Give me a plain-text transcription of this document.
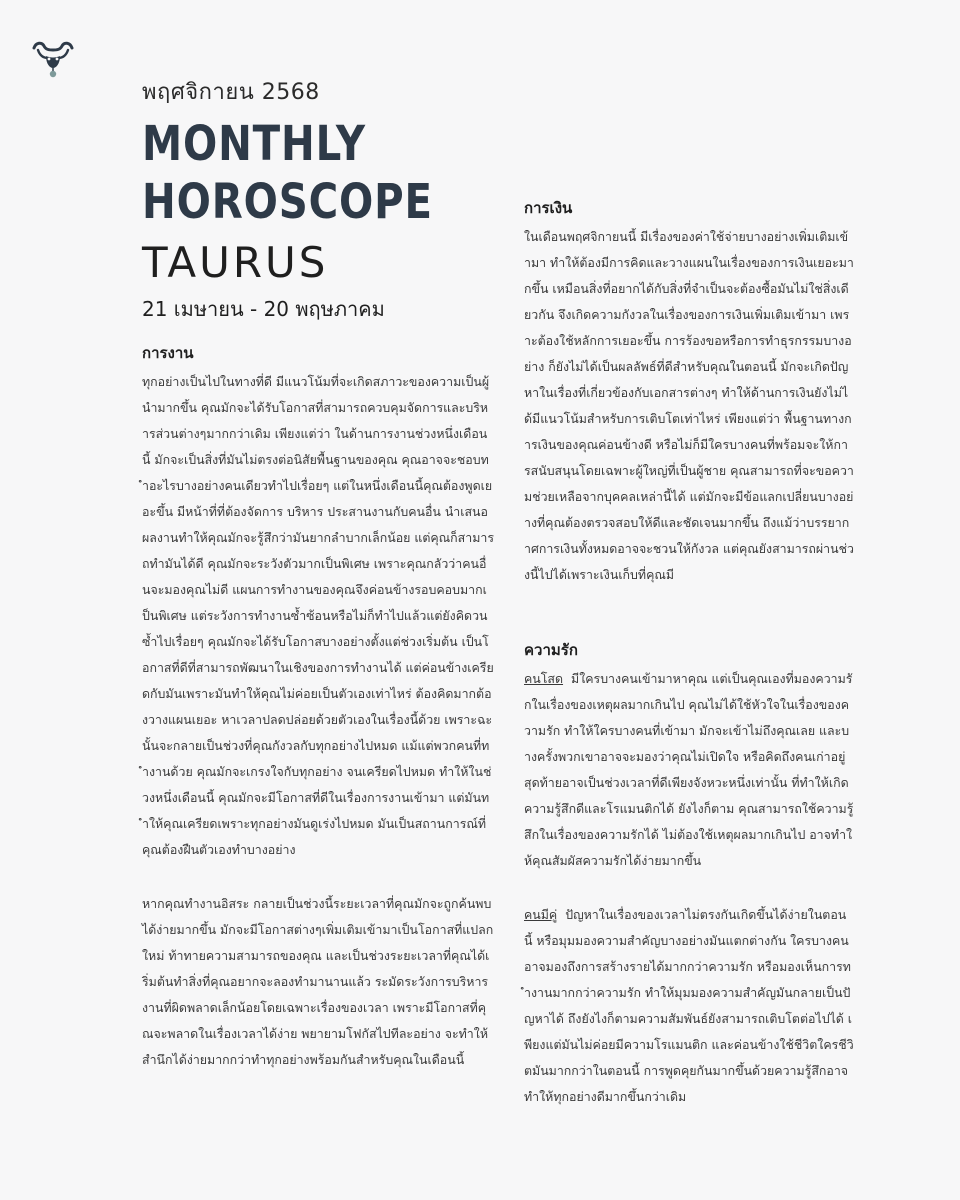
พฤศจิกายน 2568
MONTHLY
HOROSCOPE
TAURUS
21 เมษายน - 20 พฤษภาคม
การงาน

ทุกอย่างเป็นไปในทางที่ดี มีแนวโน้มที่จะเกิดสภาวะของความเป็นผู้นำมากขึ้น คุณมักจะได้รับโอกาสที่สามารถควบคุมจัดการและบริหารส่วนต่างๆมากกว่าเดิม เพียงแต่ว่า ในด้านการงานช่วงหนึ่งเดือนนี้ มักจะเป็นสิ่งที่มันไม่ตรงต่อนิสัยพื้นฐานของคุณ คุณอาจจะชอบทำอะไรบางอย่างคนเดียวทำไปเรื่อยๆ แต่ในหนึ่งเดือนนี้คุณต้องพูดเยอะขึ้น มีหน้าที่ที่ต้องจัดการ บริหาร ประสานงานกับคนอื่น นำเสนอผลงานทำให้คุณมักจะรู้สึกว่ามันยากลำบากเล็กน้อย แต่คุณก็สามารถทำมันได้ดี คุณมักจะระวังตัวมากเป็นพิเศษ เพราะคุณกลัวว่าคนอื่นจะมองคุณไม่ดี แผนการทำงานของคุณจึงค่อนข้างรอบคอบมากเป็นพิเศษ แต่ระวังการทำงานซ้ำซ้อนหรือไม่ก็ทำไปแล้วแต่ยังคิดวนซ้ำไปเรื่อยๆ คุณมักจะได้รับโอกาสบางอย่างตั้งแต่ช่วงเริ่มต้น เป็นโอกาสที่ดีที่สามารถพัฒนาในเชิงของการทำงานได้ แต่ค่อนข้างเครียดกับมันเพราะมันทำให้คุณไม่ค่อยเป็นตัวเองเท่าไหร่ ต้องคิดมากต้องวางแผนเยอะ หาเวลาปลดปล่อยด้วยตัวเองในเรื่องนี้ด้วย เพราะฉะนั้นจะกลายเป็นช่วงที่คุณกังวลกับทุกอย่างไปหมด แม้แต่พวกคนที่ทำงานด้วย คุณมักจะเกรงใจกับทุกอย่าง จนเครียดไปหมด ทำให้ในช่วงหนึ่งเดือนนี้ คุณมักจะมีโอกาสที่ดีในเรื่องการงานเข้ามา แต่มันทำให้คุณเครียดเพราะทุกอย่างมันดูเร่งไปหมด มันเป็นสถานการณ์ที่คุณต้องฝืนตัวเองทำบางอย่าง

หากคุณทำงานอิสระ กลายเป็นช่วงนี้ระยะเวลาที่คุณมักจะถูกค้นพบได้ง่ายมากขึ้น มักจะมีโอกาสต่างๆเพิ่มเติมเข้ามาเป็นโอกาสที่แปลกใหม่ ท้าทายความสามารถของคุณ และเป็นช่วงระยะเวลาที่คุณได้เริ่มต้นทำสิ่งที่คุณอยากจะลองทำมานานแล้ว ระมัดระวังการบริหารงานที่ผิดพลาดเล็กน้อยโดยเฉพาะเรื่องของเวลา เพราะมีโอกาสที่คุณจะพลาดในเรื่องเวลาได้ง่าย พยายามโฟกัสไปทีละอย่าง จะทำให้สำนึกได้ง่ายมากกว่าทำทุกอย่างพร้อมกันสำหรับคุณในเดือนนี้

การเงิน

ในเดือนพฤศจิกายนนี้ มีเรื่องของค่าใช้จ่ายบางอย่างเพิ่มเติมเข้ามา ทำให้ต้องมีการคิดและวางแผนในเรื่องของการเงินเยอะมากขึ้น เหมือนสิ่งที่อยากได้กับสิ่งที่จำเป็นจะต้องซื้อมันไม่ใช่สิ่งเดียวกัน จึงเกิดความกังวลในเรื่องของการเงินเพิ่มเติมเข้ามา เพราะต้องใช้หลักการเยอะขึ้น การร้องขอหรือการทำธุรกรรมบางอย่าง ก็ยังไม่ได้เป็นผลลัพธ์ที่ดีสำหรับคุณในตอนนี้ มักจะเกิดปัญหาในเรื่องที่เกี่ยวข้องกับเอกสารต่างๆ ทำให้ด้านการเงินยังไม่ได้มีแนวโน้มสำหรับการเติบโตเท่าไหร่ เพียงแต่ว่า พื้นฐานทางการเงินของคุณค่อนข้างดี หรือไม่ก็มีใครบางคนที่พร้อมจะให้การสนับสนุนโดยเฉพาะผู้ใหญ่ที่เป็นผู้ชาย คุณสามารถที่จะขอความช่วยเหลือจากบุคคลเหล่านี้ได้ แต่มักจะมีข้อแลกเปลี่ยนบางอย่างที่คุณต้องตรวจสอบให้ดีและชัดเจนมากขึ้น ถึงแม้ว่าบรรยากาศการเงินทั้งหมดอาจจะชวนให้กังวล แต่คุณยังสามารถผ่านช่วงนี้ไปได้เพราะเงินเก็บที่คุณมี

ความรัก

คนโสด มีใครบางคนเข้ามาหาคุณ แต่เป็นคุณเองที่มองความรักในเรื่องของเหตุผลมากเกินไป คุณไม่ได้ใช้หัวใจในเรื่องของความรัก ทำให้ใครบางคนที่เข้ามา มักจะเข้าไม่ถึงคุณเลย และบางครั้งพวกเขาอาจจะมองว่าคุณไม่เปิดใจ หรือคิดถึงคนเก่าอยู่ สุดท้ายอาจเป็นช่วงเวลาที่ดีเพียงจังหวะหนึ่งเท่านั้น ที่ทำให้เกิดความรู้สึกดีและโรแมนติกได้ ยังไงก็ตาม คุณสามารถใช้ความรู้สึกในเรื่องของความรักได้ ไม่ต้องใช้เหตุผลมากเกินไป อาจทำให้คุณสัมผัสความรักได้ง่ายมากขึ้น

คนมีคู่ ปัญหาในเรื่องของเวลาไม่ตรงกันเกิดขึ้นได้ง่ายในตอนนี้ หรือมุมมองความสำคัญบางอย่างมันแตกต่างกัน ใครบางคนอาจมองถึงการสร้างรายได้มากกว่าความรัก หรือมองเห็นการทำงานมากกว่าความรัก ทำให้มุมมองความสำคัญมันกลายเป็นปัญหาได้ ถึงยังไงก็ตามความสัมพันธ์ยังสามารถเติบโตต่อไปได้ เพียงแต่มันไม่ค่อยมีความโรแมนติก และค่อนข้างใช้ชีวิตใครชีวิตมันมากกว่าในตอนนี้ การพูดคุยกันมากขึ้นด้วยความรู้สึกอาจทำให้ทุกอย่างดีมากขึ้นกว่าเดิม
